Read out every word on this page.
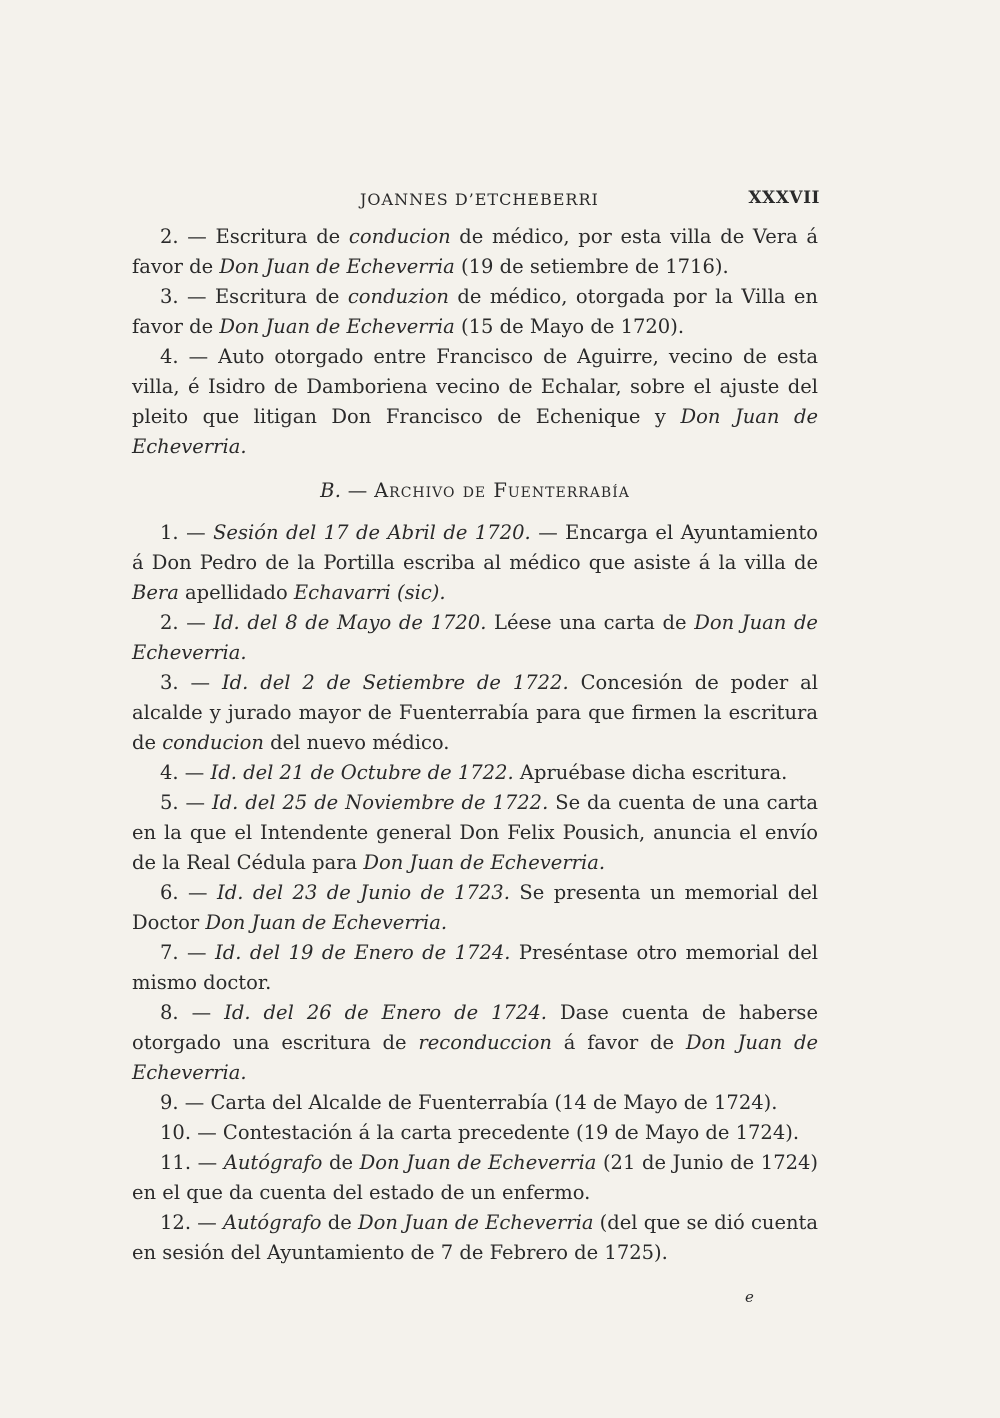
JOANNES D’ETCHEBERRI	XXXVII

2. — Escritura de conducion de médico, por esta villa de Vera á favor de Don Juan de Echeverria (19 de setiembre de 1716).

3. — Escritura de conduzion de médico, otorgada por la Villa en favor de Don Juan de Echeverria (15 de Mayo de 1720).

4. — Auto otorgado entre Francisco de Aguirre, vecino de esta villa, é Isidro de Damboriena vecino de Echalar, sobre el ajuste del pleito que litigan Don Francisco de Echenique y Don Juan de Echeverria.

B. — Archivo de Fuenterrabía

1. — Sesión del 17 de Abril de 1720. — Encarga el Ayuntamiento á Don Pedro de la Portilla escriba al médico que asiste á la villa de Bera apellidado Echavarri (sic).

2. — Id. del 8 de Mayo de 1720. Léese una carta de Don Juan de Echeverria.

3. — Id. del 2 de Setiembre de 1722. Concesión de poder al alcalde y jurado mayor de Fuenterrabía para que firmen la escritura de conducion del nuevo médico.

4. — Id. del 21 de Octubre de 1722. Apruébase dicha escritura.

5. — Id. del 25 de Noviembre de 1722. Se da cuenta de una carta en la que el Intendente general Don Felix Pousich, anuncia el envío de la Real Cédula para Don Juan de Echeverria.

6. — Id. del 23 de Junio de 1723. Se presenta un memorial del Doctor Don Juan de Echeverria.

7. — Id. del 19 de Enero de 1724. Preséntase otro memorial del mismo doctor.

8. — Id. del 26 de Enero de 1724. Dase cuenta de haberse otorgado una escritura de reconduccion á favor de Don Juan de Echeverria.

9. — Carta del Alcalde de Fuenterrabía (14 de Mayo de 1724).

10. — Contestación á la carta precedente (19 de Mayo de 1724).

11. — Autógrafo de Don Juan de Echeverria (21 de Junio de 1724) en el que da cuenta del estado de un enfermo.

12. — Autógrafo de Don Juan de Echeverria (del que se dió cuenta en sesión del Ayuntamiento de 7 de Febrero de 1725).

e
